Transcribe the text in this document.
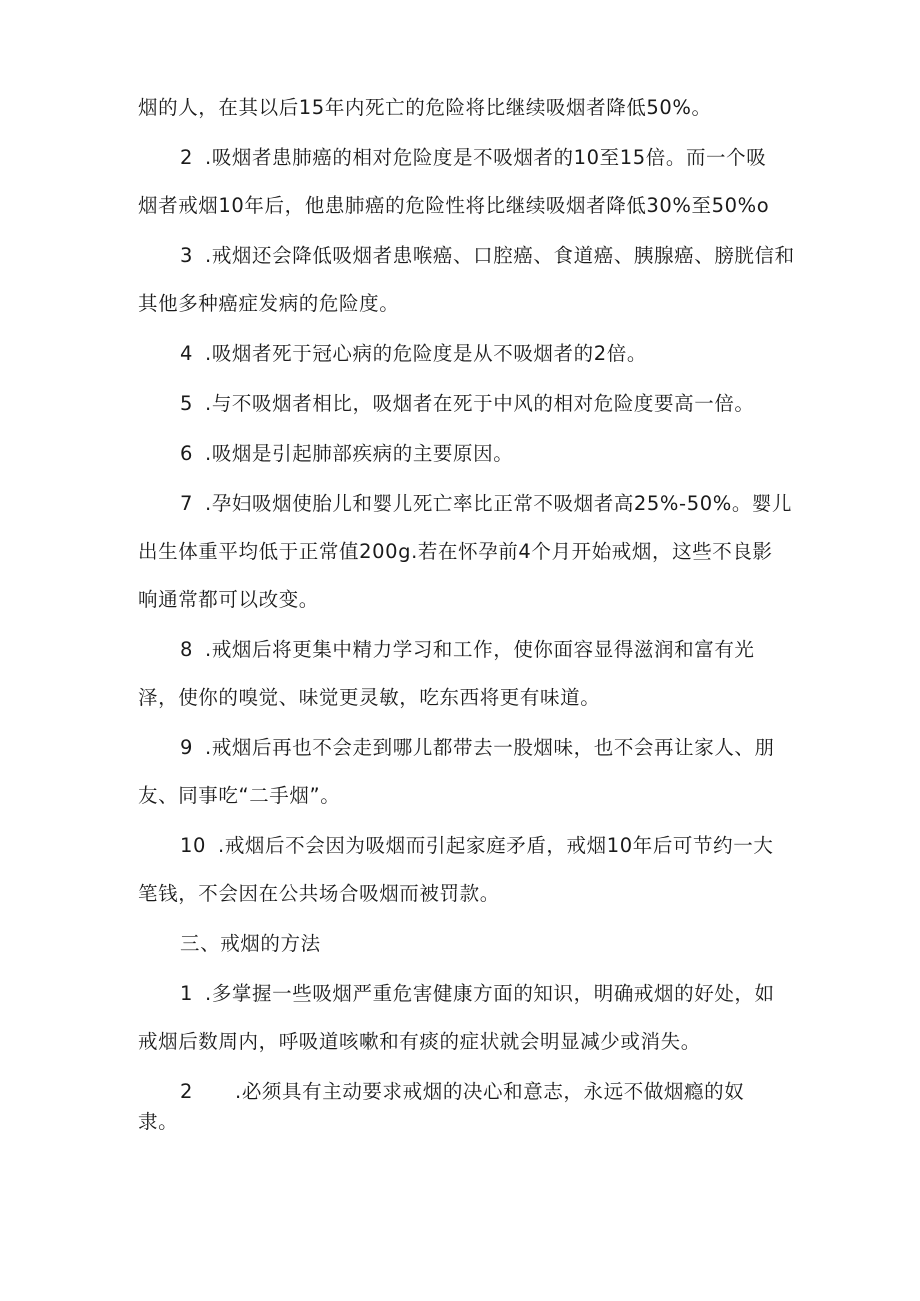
烟的人，在其以后15年内死亡的危险将比继续吸烟者降低50%。
2 .吸烟者患肺癌的相对危险度是不吸烟者的10至15倍。而一个吸
烟者戒烟10年后，他患肺癌的危险性将比继续吸烟者降低30%至50%o
3 .戒烟还会降低吸烟者患喉癌、口腔癌、食道癌、胰腺癌、膀胱信和
其他多种癌症发病的危险度。
4 .吸烟者死于冠心病的危险度是从不吸烟者的2倍。
5 .与不吸烟者相比，吸烟者在死于中风的相对危险度要高一倍。
6 .吸烟是引起肺部疾病的主要原因。
7 .孕妇吸烟使胎儿和婴儿死亡率比正常不吸烟者高25%-50%。婴儿
出生体重平均低于正常值200g.若在怀孕前4个月开始戒烟，这些不良影
响通常都可以改变。
8 .戒烟后将更集中精力学习和工作，使你面容显得滋润和富有光
泽，使你的嗅觉、味觉更灵敏，吃东西将更有味道。
9 .戒烟后再也不会走到哪儿都带去一股烟味，也不会再让家人、朋
友、同事吃“二手烟”。
10 .戒烟后不会因为吸烟而引起家庭矛盾，戒烟10年后可节约一大
笔钱，不会因在公共场合吸烟而被罚款。
三、戒烟的方法
1 .多掌握一些吸烟严重危害健康方面的知识，明确戒烟的好处，如
戒烟后数周内，呼吸道咳嗽和有痰的症状就会明显减少或消失。
2 .必须具有主动要求戒烟的决心和意志，永远不做烟瘾的奴
隶。
